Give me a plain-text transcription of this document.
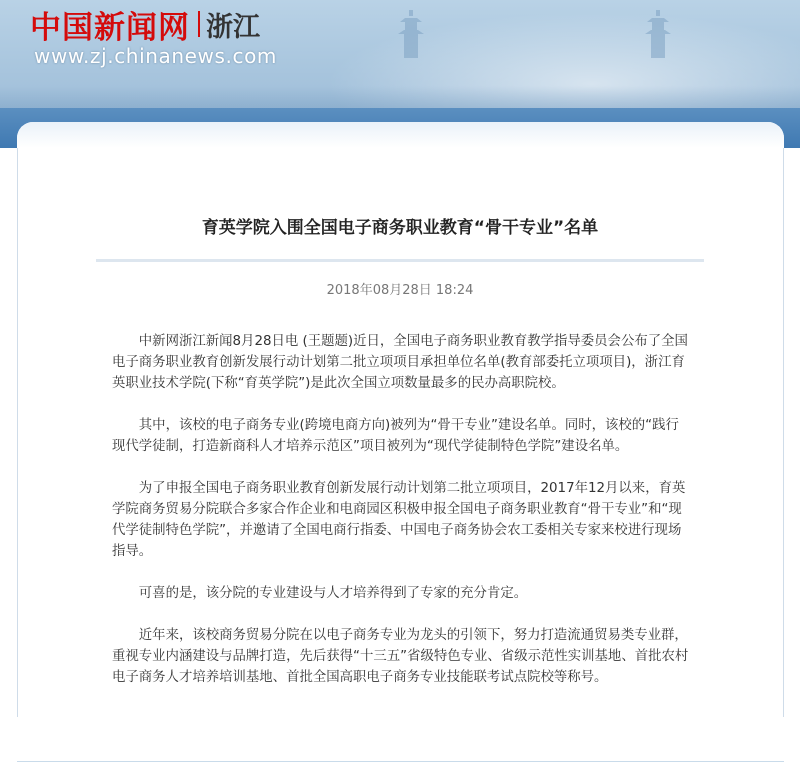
中国新闻网 浙江
www.zj.chinanews.com
育英学院入围全国电子商务职业教育“骨干专业”名单
2018年08月28日 18:24

中新网浙江新闻8月28日电 (王题题)近日，全国电子商务职业教育教学指导委员会公布了全国电子商务职业教育创新发展行动计划第二批立项项目承担单位名单(教育部委托立项项目)，浙江育英职业技术学院(下称“育英学院”)是此次全国立项数量最多的民办高职院校。

其中，该校的电子商务专业(跨境电商方向)被列为“骨干专业”建设名单。同时，该校的“践行现代学徒制，打造新商科人才培养示范区”项目被列为“现代学徒制特色学院”建设名单。

为了申报全国电子商务职业教育创新发展行动计划第二批立项项目，2017年12月以来，育英学院商务贸易分院联合多家合作企业和电商园区积极申报全国电子商务职业教育“骨干专业”和“现代学徒制特色学院”，并邀请了全国电商行指委、中国电子商务协会农工委相关专家来校进行现场指导。

可喜的是，该分院的专业建设与人才培养得到了专家的充分肯定。

近年来，该校商务贸易分院在以电子商务专业为龙头的引领下，努力打造流通贸易类专业群，重视专业内涵建设与品牌打造，先后获得“十三五”省级特色专业、省级示范性实训基地、首批农村电子商务人才培养培训基地、首批全国高职电子商务专业技能联考试点院校等称号。
